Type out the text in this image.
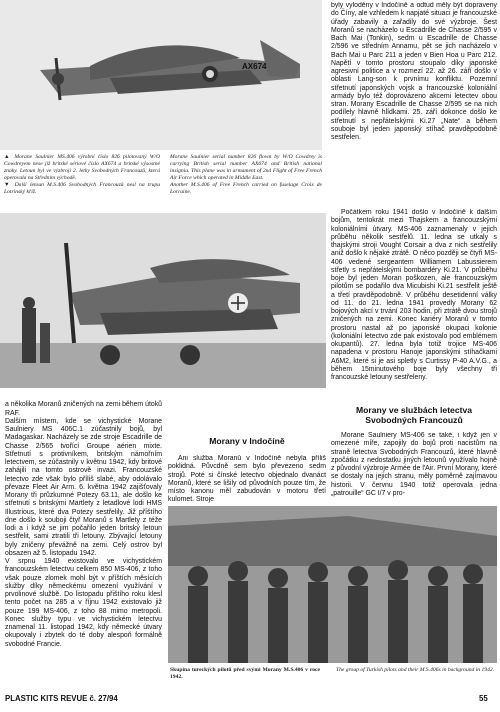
AX674
▲ Morane Saulnier MS.406 výrobní číslo 826 pilotovaný W/O Cowdreyem nese již britské sériové číslo AX674 a britské výsostné znaky. Letoun byl ve výzbroji 2. letky Svobodných Francouzů, která operovala na Středním východě.
▼ Další letoun M.S.406 Svobodných Francouzů nesl na trupu Lotrinský kříž.
Morane Saulnier serial number 826 flown by W/O Cowdrey is carrying British serial number AX674 and British national insignia. This plane was in armament of 2nd Flight of Free French Air Force which operated in Middle East.
Another M.S.406 of Free French carried on fuselage Croix de Lorraine.

byly vyloděny v Indočíně a odtud měly být dopraveny do Číny, ale vzhledem k napjaté situaci je francouzské úřady zabavily a zařadily do své výzbroje. Šest Moranů se nacházelo u Escadrille de Chasse 2/595 v Bach Mai (Tonkin), sedm u Escadrille de Chasse 2/596 ve středním Annamu, pět se jich nacházelo v Bach Mai u Parc 211 a jeden v Bien Hoa u Parc 212. Napětí v tomto prostoru stoupalo díky japonské agresivní politice a v rozmezí 22. až 26. září došlo v oblasti Lang-son k prvnímu konfliktu. Pozemní střetnutí japonských vojsk a francouzské koloniální armády bylo též doprovázeno akcemi letectev obou stran. Morany Escadrille de Chasse 2/595 se na nich podílely hlavně hlídkami. 25. září dokonce došlo ke střetnutí s nepřátelskými Ki.27 „Nate“ a během souboje byl jeden japonský stíhač pravděpodobně sestřelen.

Počátkem roku 1941 došlo v Indočíně k dalším bojům, tentokrát mezi Thajskem a francouzskými koloniálními útvary. MS-406 zaznamenaly v jejich průběhu několik sestřelů. 11. ledna se utkaly s thajskými stroji Vought Corsair a dva z nich sestřelily aniž došlo k nějaké ztrátě. O něco později se čtyři MS-406 vedené sergeantem Williamem Labussierem střetly s nepřátelskými bombardéry Ki.21. V průběhu boje byl jeden Moran poškozen, ale francouzským pilotům se podařilo dva Micubishi Ki.21 sestřelit ještě a třetí pravděpodobně. V průběhu desetidenní války od 11. do 21. ledna 1941 provedly Morany 62 bojových akcí v trvání 203 hodin, při ztrátě dvou strojů zničených na zemi. Konec kariéry Moranů v tomto prostoru nastal až po japonské okupaci kolonie (koloniální letectvo zde pak existovalo pod emblémem okupantů). 27. ledna byla totiž trojice MS-406 napadena v prostoru Hanoje japonskými stíhačkami A6M2, které si je asi spletly s Curtissy P-40 A.V.G., a během 15minutového boje byly všechny tři francouzské letouny sestřeleny.

a několika Moranů zničených na zemi během útoků RAF.
Dalším místem, kde se vichystické Morane Saulniery MS 406C.1 zúčastnily bojů, byl Madagaskar. Nacházely se zde stroje Escadrille de Chasse 2/565 tvořící Groupe aérien mixte. Střetnutí s protivníkem, britským námořním letectvem, se zúčastnily v květnu 1942, kdy britové zahájili na tomto ostrově invazi. Francouzské letectvo zde však bylo příliš slabé, aby odolávalo převaze Fleet Air Arm. 6. května 1942 zajišťovaly Morany tři průzkumné Potezy 63.11, ale došlo ke střetnutí s britskými Martlety z letadlové lodi HMS Illustrious, které dva Potezy sestřelily. Již příštího dne došlo k souboji čtyř Moranů s Martlety z téže lodi a i když se jim počařilo jeden britský letoun sestřelit, sami ztratili tři letouny. Zbývající letouny byly zničeny převážně na zemi. Celý ostrov byl obsazen až 5. listopadu 1942.
V srpnu 1940 existovalo ve vichystickém francouzském letectvu celkem 850 MS-406, z toho však pouze zlomek mohl být v příštích měsících služby díky německému omezení využívání v prvolinové službě. Do listopadu přištího roku klesl tento počet na 285 a v říjnu 1942 existovalo již pouze 199 MS-406, z toho 88 mimo metropoli. Konec služby typu ve vichystickém letectvu znamenal 11. listopad 1942, kdy německé útvary okupovaly i zbytek do té doby alespoň formálně svobodné Francie.

Morany v Indočíně

Ani služba Moranů v Indočíně nebyla příliš poklidná. Půvcdně sem bylo převezeno sedm strojů. Poté si čínské letectvo objednalo dvanáct Moranů, které se lišily od původních pouze tím, že místo kanonu měl zabudován v motoru třetí kulomet. Stroje

Morany ve službách letectva Svobodných Francouzů

Morane Saulniery MS-406 se také, i když jen v omezené míře, zapojily do bojů proti nacistům na straně letectva Svobodných Francouzů, které hlavně zpočátku z nedostatku jiných letounů využívalo hojně z původní výzbroje Armée de l'Air. První Morany, které se dostaly na jejich stranu, měly poměrně zajímavou historii. V červnu 1940 totiž operovala jedna „patrouille“ GC I/7 v pro-

Skupina tureckých pilotů před svými Morany M.S.406 v roce 1942.
The group of Turkish pilots and their M.S.406s in background in 1942.
PLASTIC KITS REVUE č. 27/94	55
